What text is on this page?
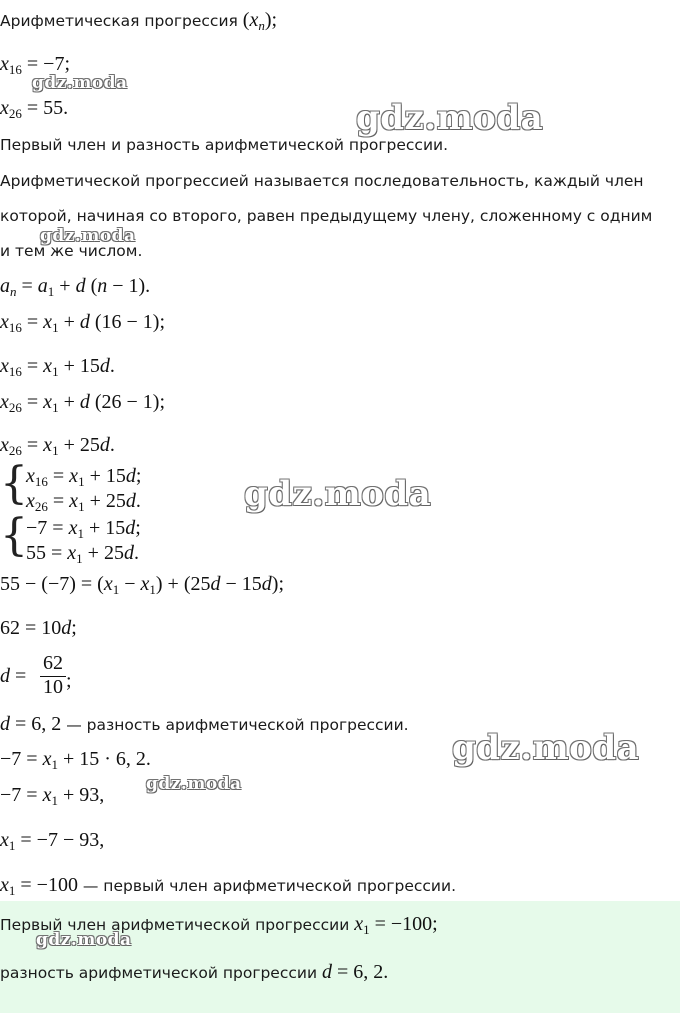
Арифметическая прогрессия $(x_n)$;
$x_{16} = -7$;
$x_{26} = 55$.
Первый член и разность арифметической прогрессии.
Арифметической прогрессией называется последовательность, каждый член
которой, начиная со второго, равен предыдущему члену, сложенному с одним
и тем же числом.
$a_n = a_1 + d$ (n − 1).
$x_{16} = x_1 + d$ (16 − 1);
$x_{16} = x_1 + 15d$.
$x_{26} = x_1 + d$ (26 − 1);
$x_{26} = x_1 + 25d$.
{
$x_{16} = x_1 + 15d$;
$x_{26} = x_1 + 25d$.
{
$-7 = x_1 + 15d$;
$55 = x_1 + 25d$.
$55 - (-7) = (x_1 - x_1) + (25d - 15d)$;
62 = 10d;
d =
62
10 ;
d = 6, 2 — разность арифметической прогрессии.
$-7 = x_1 + 15 \cdot 6$, 2.
$-7 = x_1 + 93$,
$x_1 = -7 - 93$,
$x_1 = -100$ — первый член арифметической прогрессии.
Первый член арифметической прогрессии $x_1 = -100$;
разность арифметической прогрессии d = 6, 2.
gdz.moda
gdz.moda
gdz.moda
gdz.moda
gdz.moda
gdz.moda
gdz.moda
